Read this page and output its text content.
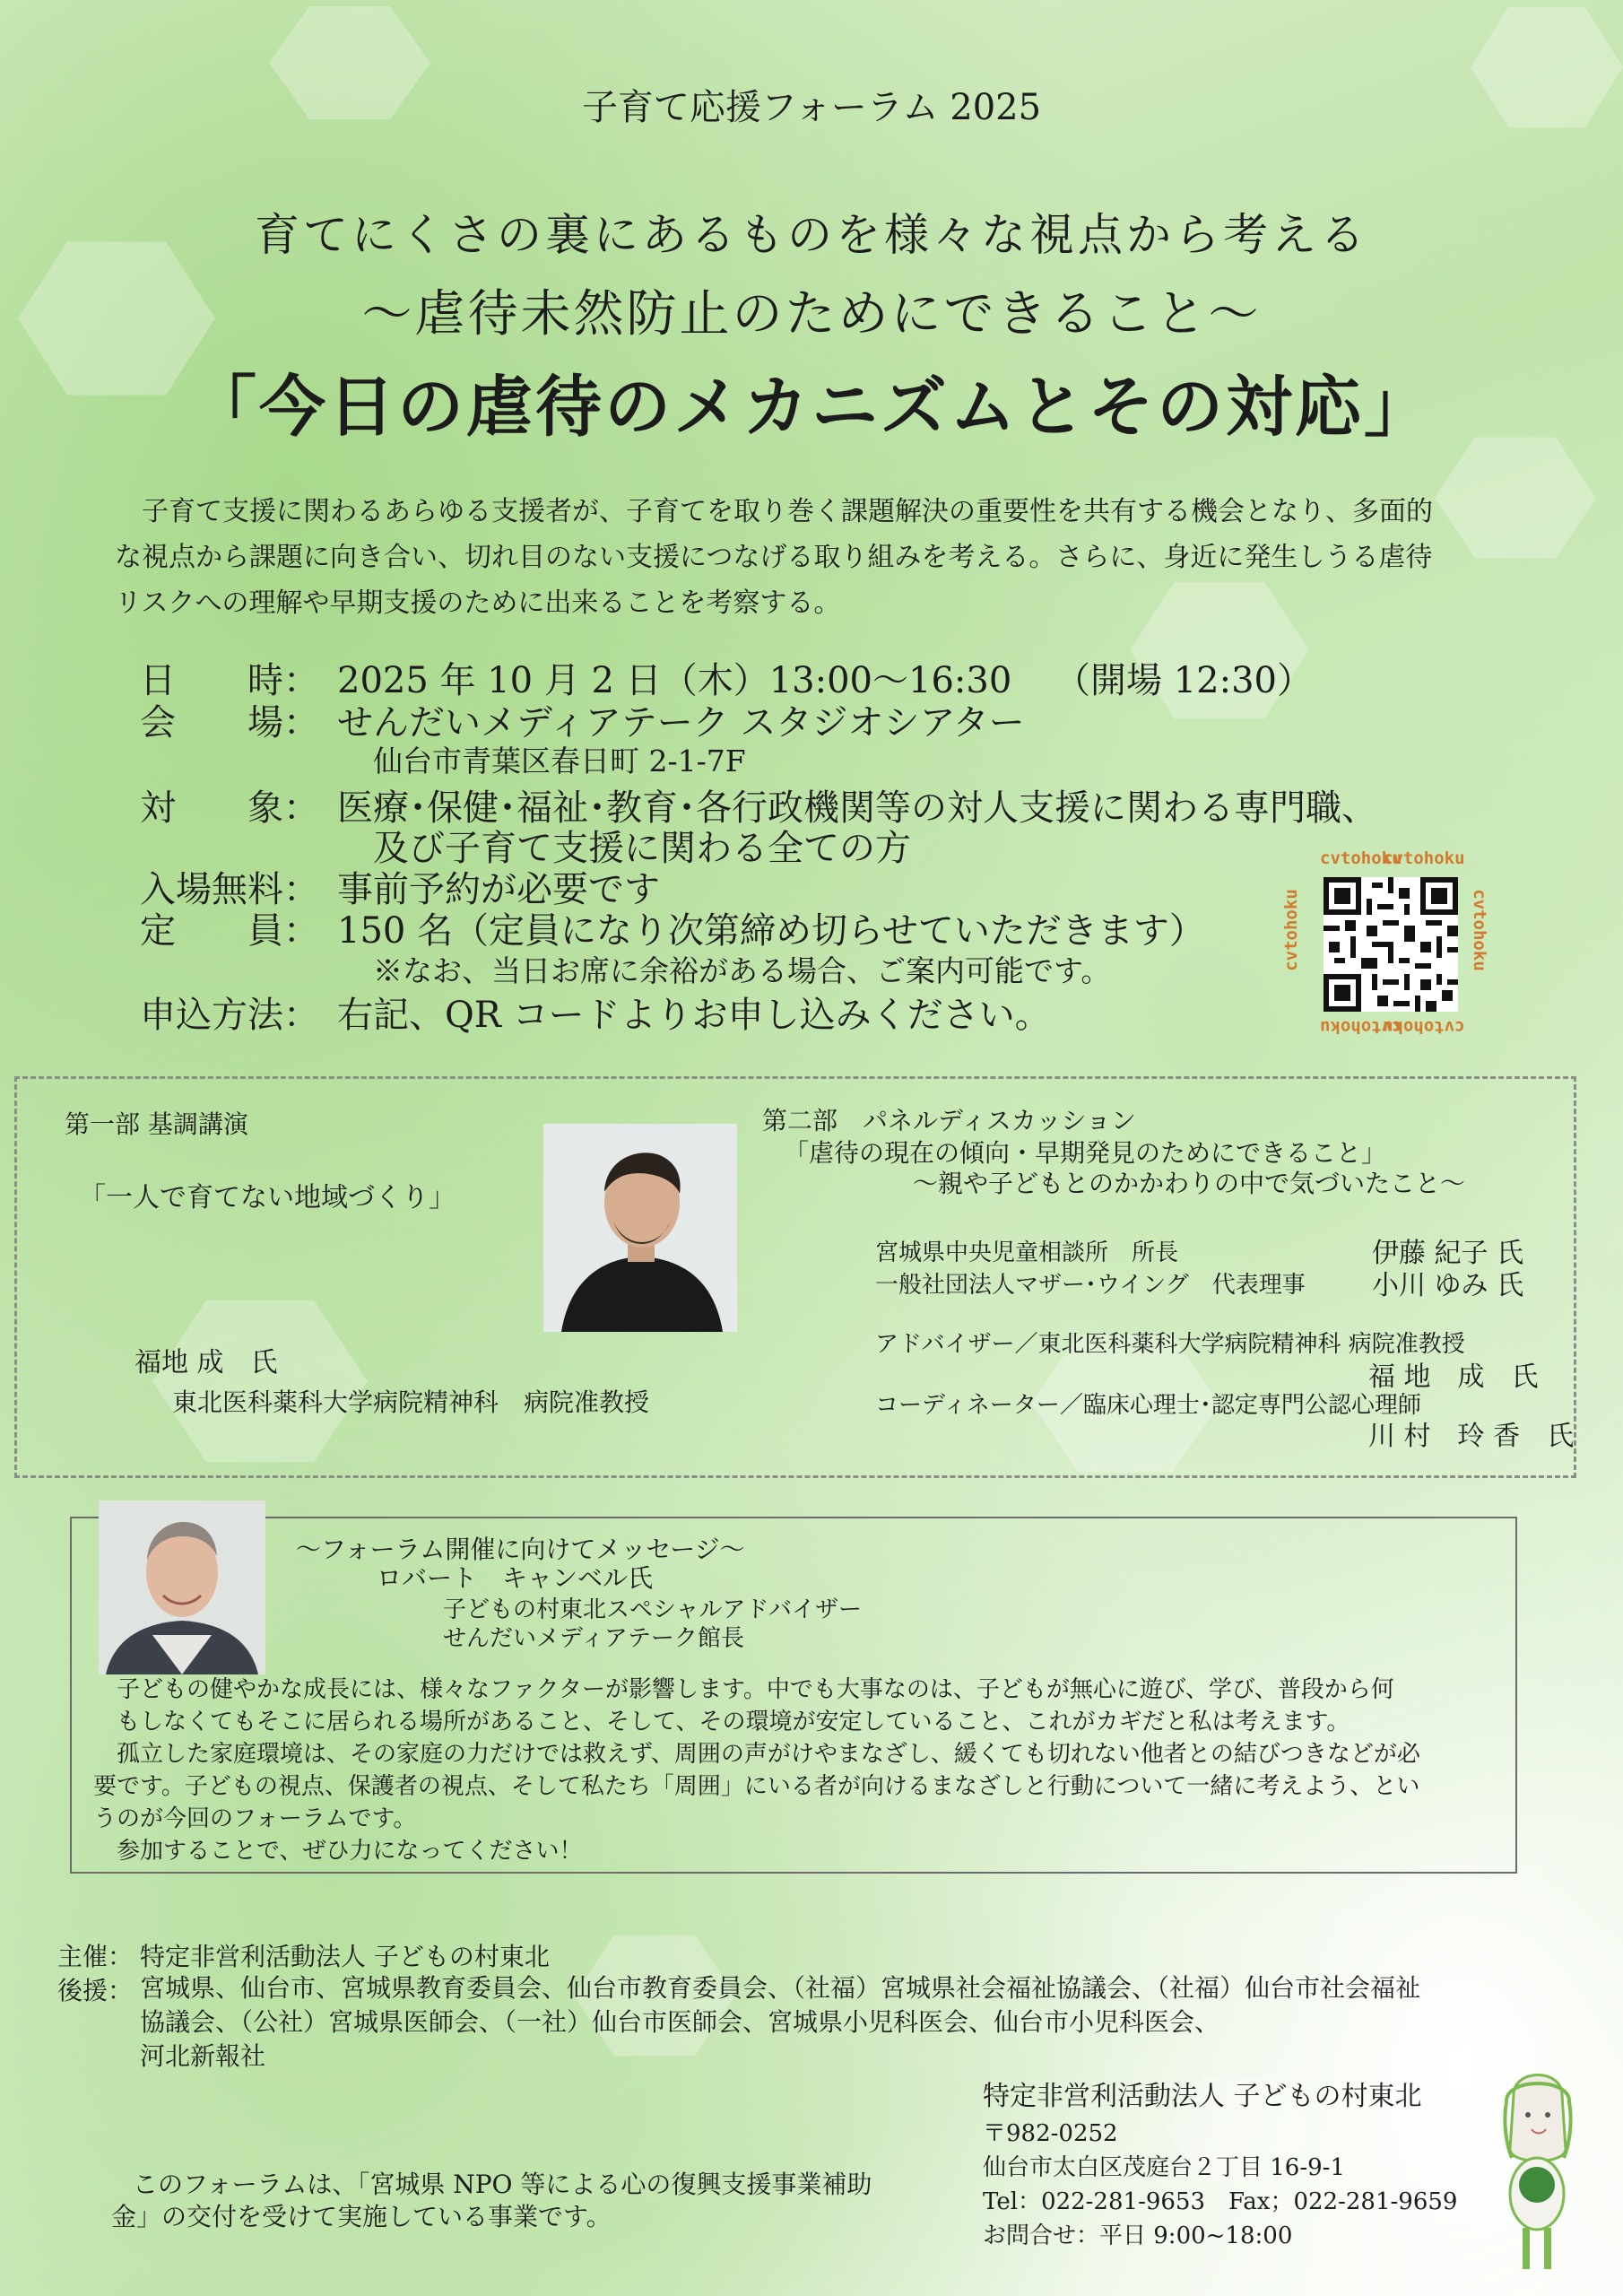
子育て応援フォーラム 2025
育てにくさの裏にあるものを様々な視点から考える
～虐待未然防止のためにできること～
「今日の虐待のメカニズムとその対応」

子育て支援に関わるあらゆる支援者が、子育てを取り巻く課題解決の重要性を共有する機会となり、多面的

な視点から課題に向き合い、切れ目のない支援につなげる取り組みを考える。さらに、身近に発生しうる虐待
リスクへの理解や早期支援のために出来ることを考察する。
日　　時： 2025 年 10 月 2 日（木）13:00～16:30 （開場 12:30）
会　　場： せんだいメディアテーク スタジオシアター
仙台市青葉区春日町 2-1-7F
対　　象： 医療･保健･福祉･教育･各行政機関等の対人支援に関わる専門職、
及び子育て支援に関わる全ての方
入場無料： 事前予約が必要です
定　　員： 150 名（定員になり次第締め切らせていただきます）
※なお、当日お席に余裕がある場合、ご案内可能です。
申込方法： 右記、QR コードよりお申し込みください。
cvtohoku
cvtohoku
cvtohoku
cvtohoku
cvtohoku	cvtohoku
第一部 基調講演
「一人で育てない地域づくり」
福地 成　氏
東北医科薬科大学病院精神科　病院准教授
第二部　パネルディスカッション
「虐待の現在の傾向・早期発見のためにできること」
～親や子どもとのかかわりの中で気づいたこと～
宮城県中央児童相談所　所長	伊藤 紀子 氏
一般社団法人マザー･ウイング　代表理事 小川 ゆみ 氏
アドバイザー／東北医科薬科大学病院精神科 病院准教授
福 地　成　氏
コーディネーター／臨床心理士･認定専門公認心理師
川 村　玲 香　氏
～フォーラム開催に向けてメッセージ～
ロバート　キャンベル氏
子どもの村東北スペシャルアドバイザー
せんだいメディアテーク館長
　子どもの健やかな成長には、様々なファクターが影響します。中でも大事なのは、子どもが無心に遊び、学び、普段から何
もしなくてもそこに居られる場所があること、そして、その環境が安定していること、これがカギだと私は考えます。
　孤立した家庭環境は、その家庭の力だけでは救えず、周囲の声がけやまなざし、緩くても切れない他者との結びつきなどが必
要です。子どもの視点、保護者の視点、そして私たち「周囲」にいる者が向けるまなざしと行動について一緒に考えよう、とい
うのが今回のフォーラムです。
　参加することで、ぜひ力になってください！
主催： 特定非営利活動法人 子どもの村東北
後援： 宮城県、仙台市、宮城県教育委員会、仙台市教育委員会、（社福）宮城県社会福祉協議会、（社福）仙台市社会福祉
協議会、（公社）宮城県医師会、（一社）仙台市医師会、宮城県小児科医会、仙台市小児科医会、
河北新報社
このフォーラムは、「宮城県 NPO 等による心の復興支援事業補助
金」の交付を受けて実施している事業です。
特定非営利活動法人 子どもの村東北
〒982-0252
仙台市太白区茂庭台２丁目 16-9-1
Tel：022-281-9653　Fax；022-281-9659
お問合せ：平日 9:00~18:00
